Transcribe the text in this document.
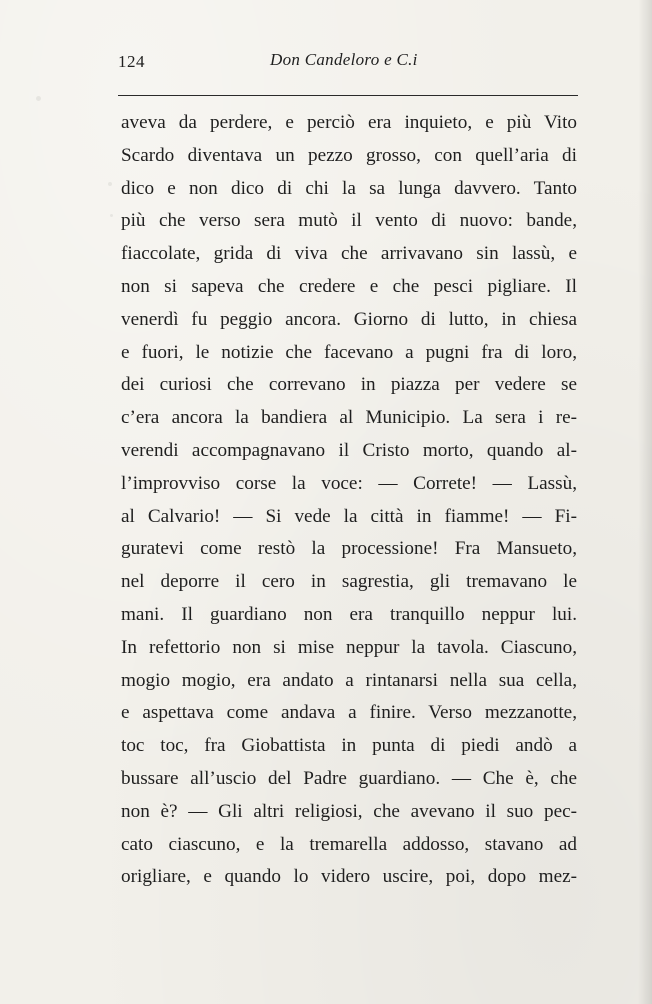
124	Don Candeloro e C.i
aveva da perdere, e perciò era inquieto, e più Vito
Scardo diventava un pezzo grosso, con quell’aria di
dico e non dico di chi la sa lunga davvero. Tanto
più che verso sera mutò il vento di nuovo: bande,
fiaccolate, grida di viva che arrivavano sin lassù, e
non si sapeva che credere e che pesci pigliare. Il
venerdì fu peggio ancora. Giorno di lutto, in chiesa
e fuori, le notizie che facevano a pugni fra di loro,
dei curiosi che correvano in piazza per vedere se
c’era ancora la bandiera al Municipio. La sera i re-
verendi accompagnavano il Cristo morto, quando al-
l’improvviso corse la voce: — Correte! — Lassù,
al Calvario! — Si vede la città in fiamme! — Fi-
guratevi come restò la processione! Fra Mansueto,
nel deporre il cero in sagrestia, gli tremavano le
mani. Il guardiano non era tranquillo neppur lui.
In refettorio non si mise neppur la tavola. Ciascuno,
mogio mogio, era andato a rintanarsi nella sua cella,
e aspettava come andava a finire. Verso mezzanotte,
toc toc, fra Giobattista in punta di piedi andò a
bussare all’uscio del Padre guardiano. — Che è, che
non è? — Gli altri religiosi, che avevano il suo pec-
cato ciascuno, e la tremarella addosso, stavano ad
origliare, e quando lo videro uscire, poi, dopo mez-
